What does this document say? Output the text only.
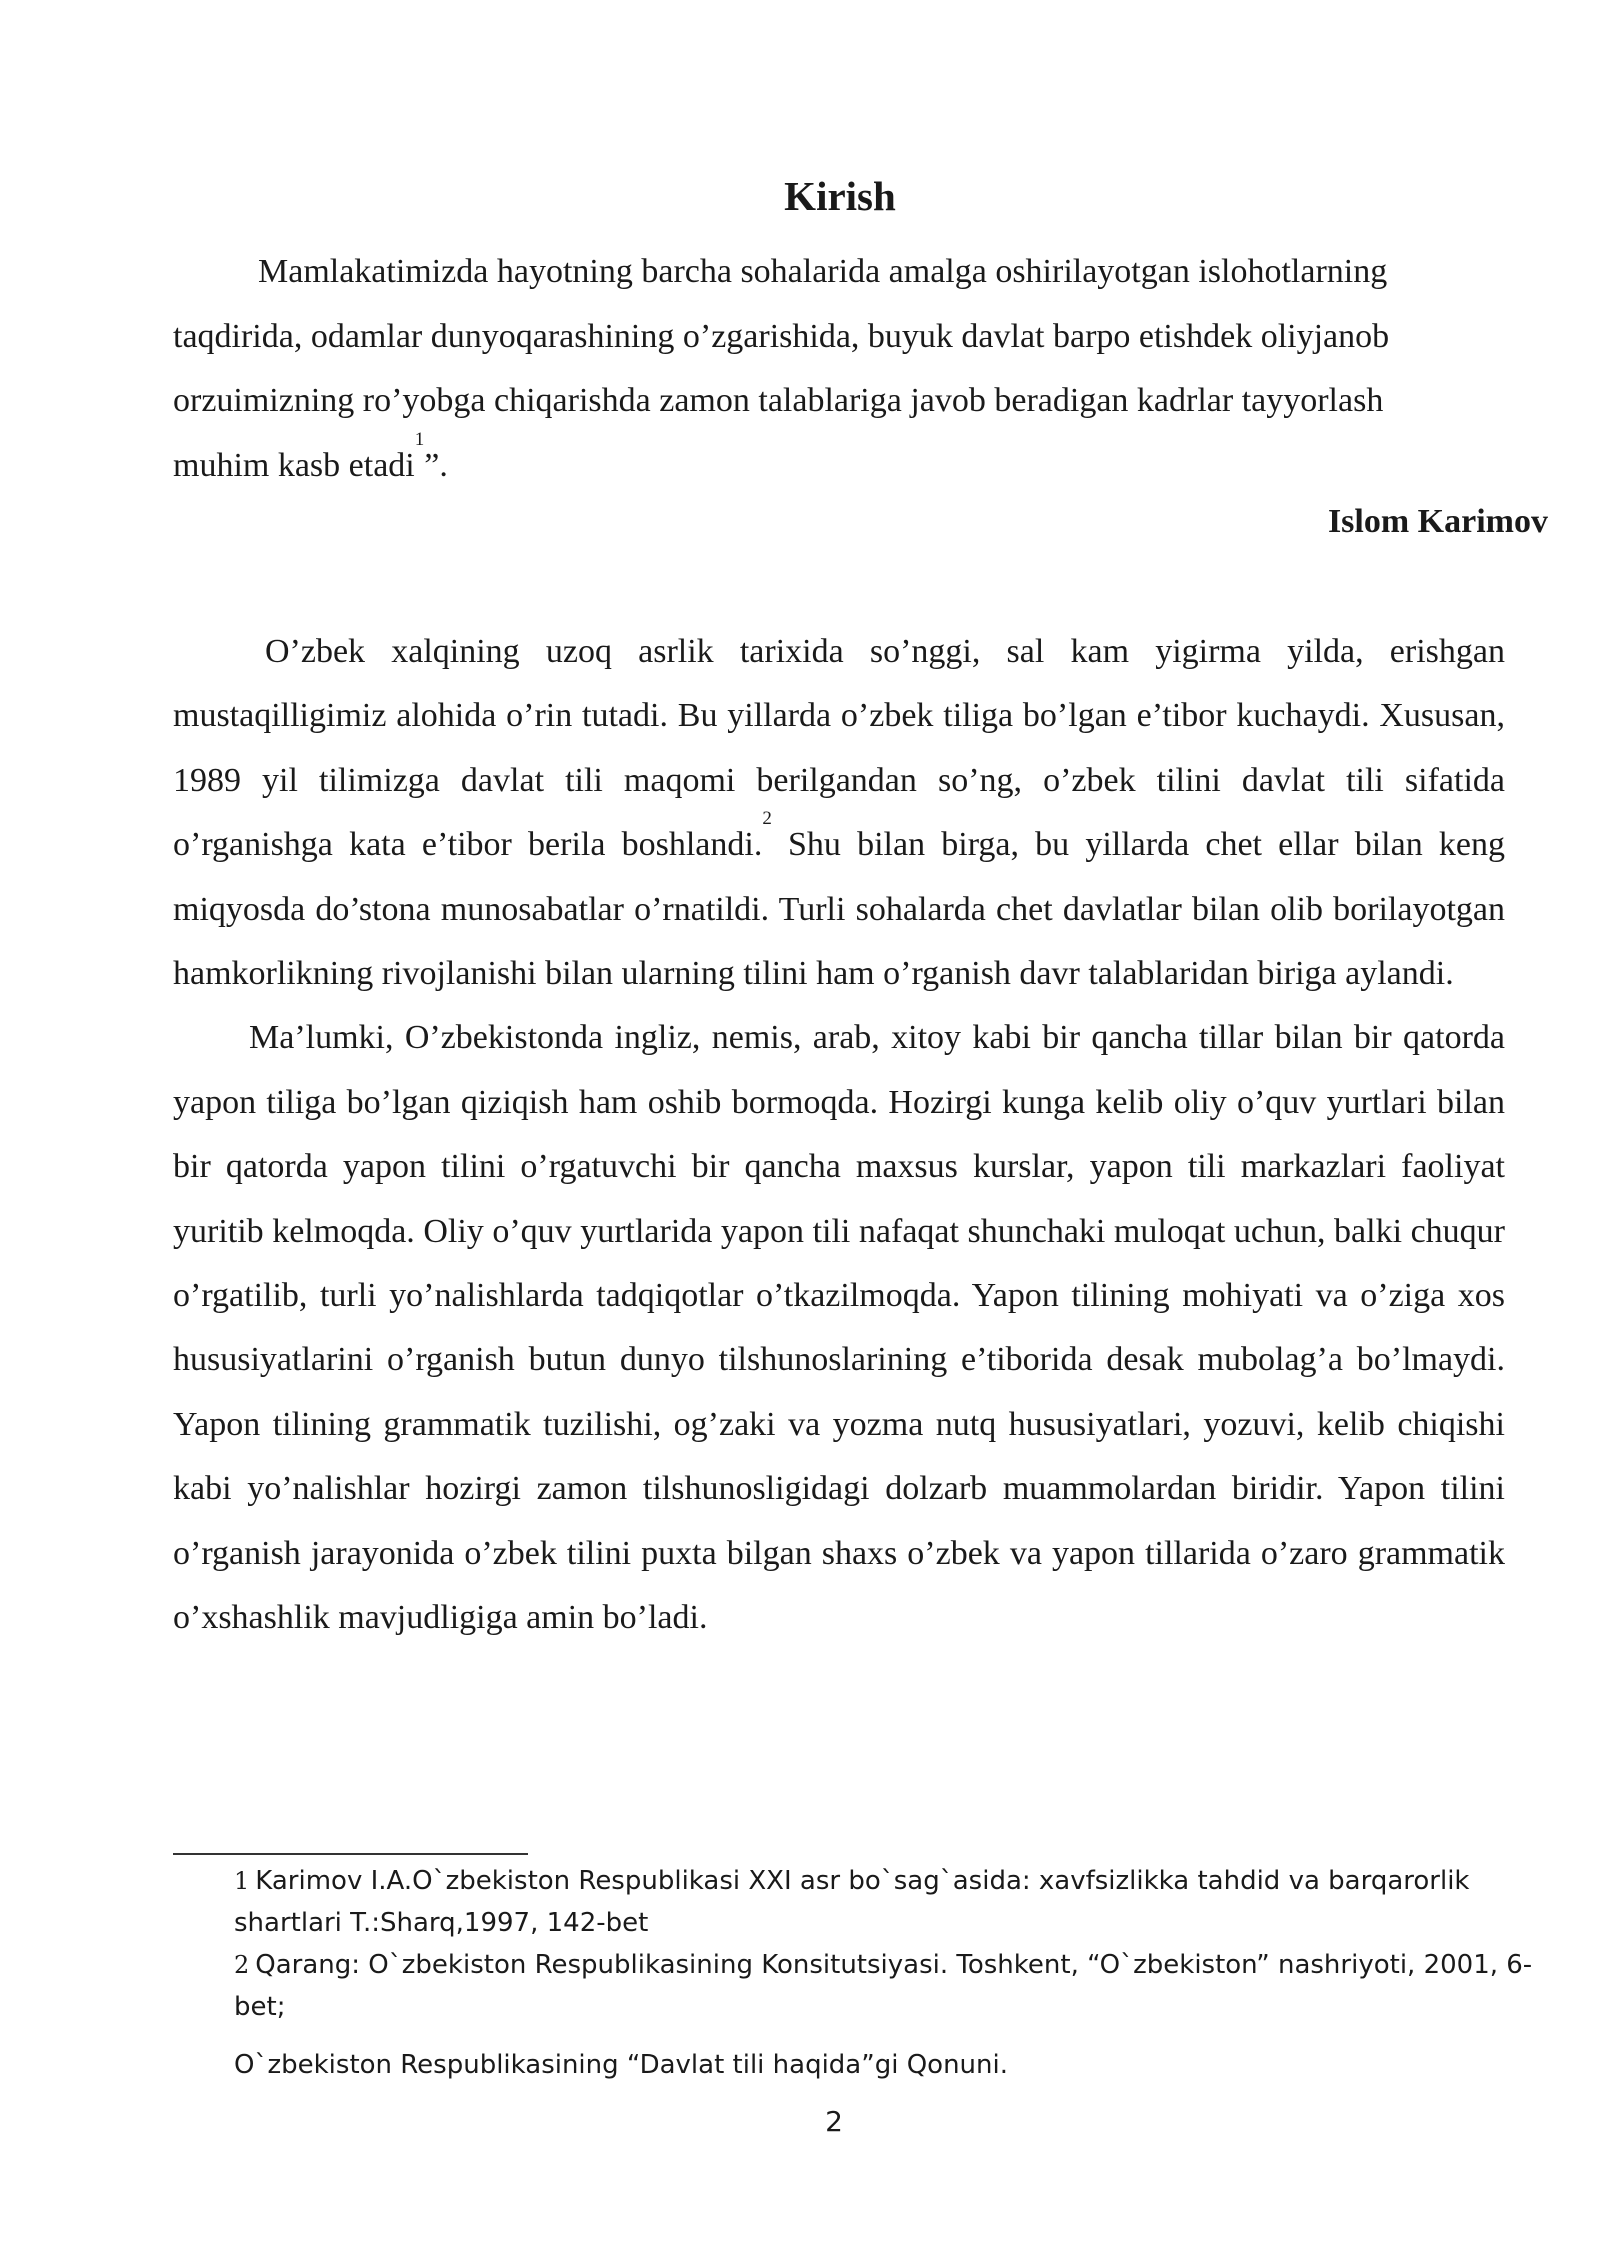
Kirish
Mamlakatimizda hayotning barcha sohalarida amalga oshirilayotgan islohotlarning
taqdirida, odamlar dunyoqarashining o’zgarishida, buyuk davlat barpo etishdek oliyjanob
orzuimizning ro’yobga chiqarishda zamon talablariga javob beradigan kadrlar tayyorlash
muhim kasb etadi$^1$”.

Islom Karimov

O’zbek xalqining uzoq asrlik tarixida so’nggi, sal kam yigirma yilda, erishgan mustaqilligimiz alohida o’rin tutadi. Bu yillarda o’zbek tiliga bo’lgan e’tibor kuchaydi. Xususan, 1989 yil tilimizga davlat tili maqomi berilgandan so’ng, o’zbek tilini davlat tili sifatida o’rganishga kata e’tibor berila boshlandi.$^2$ Shu bilan birga, bu yillarda chet ellar bilan keng miqyosda do’stona munosabatlar o’rnatildi. Turli sohalarda chet davlatlar bilan olib borilayotgan hamkorlikning rivojlanishi bilan ularning tilini ham o’rganish davr talablaridan biriga aylandi.

Ma’lumki, O’zbekistonda ingliz, nemis, arab, xitoy kabi bir qancha tillar bilan bir qatorda yapon tiliga bo’lgan qiziqish ham oshib bormoqda. Hozirgi kunga kelib oliy o’quv yurtlari bilan bir qatorda yapon tilini o’rgatuvchi bir qancha maxsus kurslar, yapon tili markazlari faoliyat yuritib kelmoqda. Oliy o’quv yurtlarida yapon tili nafaqat shunchaki muloqat uchun, balki chuqur o’rgatilib, turli yo’nalishlarda tadqiqotlar o’tkazilmoqda. Yapon tilining mohiyati va o’ziga xos hususiyatlarini o’rganish butun dunyo tilshunoslarining e’tiborida desak mubolag’a bo’lmaydi. Yapon tilining grammatik tuzilishi, og’zaki va yozma nutq hususiyatlari, yozuvi, kelib chiqishi kabi yo’nalishlar hozirgi zamon tilshunosligidagi dolzarb muammolardan biridir. Yapon tilini o’rganish jarayonida o’zbek tilini puxta bilgan shaxs o’zbek va yapon tillarida o’zaro grammatik o’xshashlik mavjudligiga amin bo’ladi.

1 Karimov I.A.O`zbekiston Respublikasi XXI asr bo`sag`asida: xavfsizlikka tahdid va barqarorlik shartlari T.:Sharq,1997, 142-bet

2 Qarang: O`zbekiston Respublikasining Konsitutsiyasi. Toshkent, “O`zbekiston” nashriyoti, 2001, 6-bet;

O`zbekiston Respublikasining “Davlat tili haqida”gi Qonuni.

2
